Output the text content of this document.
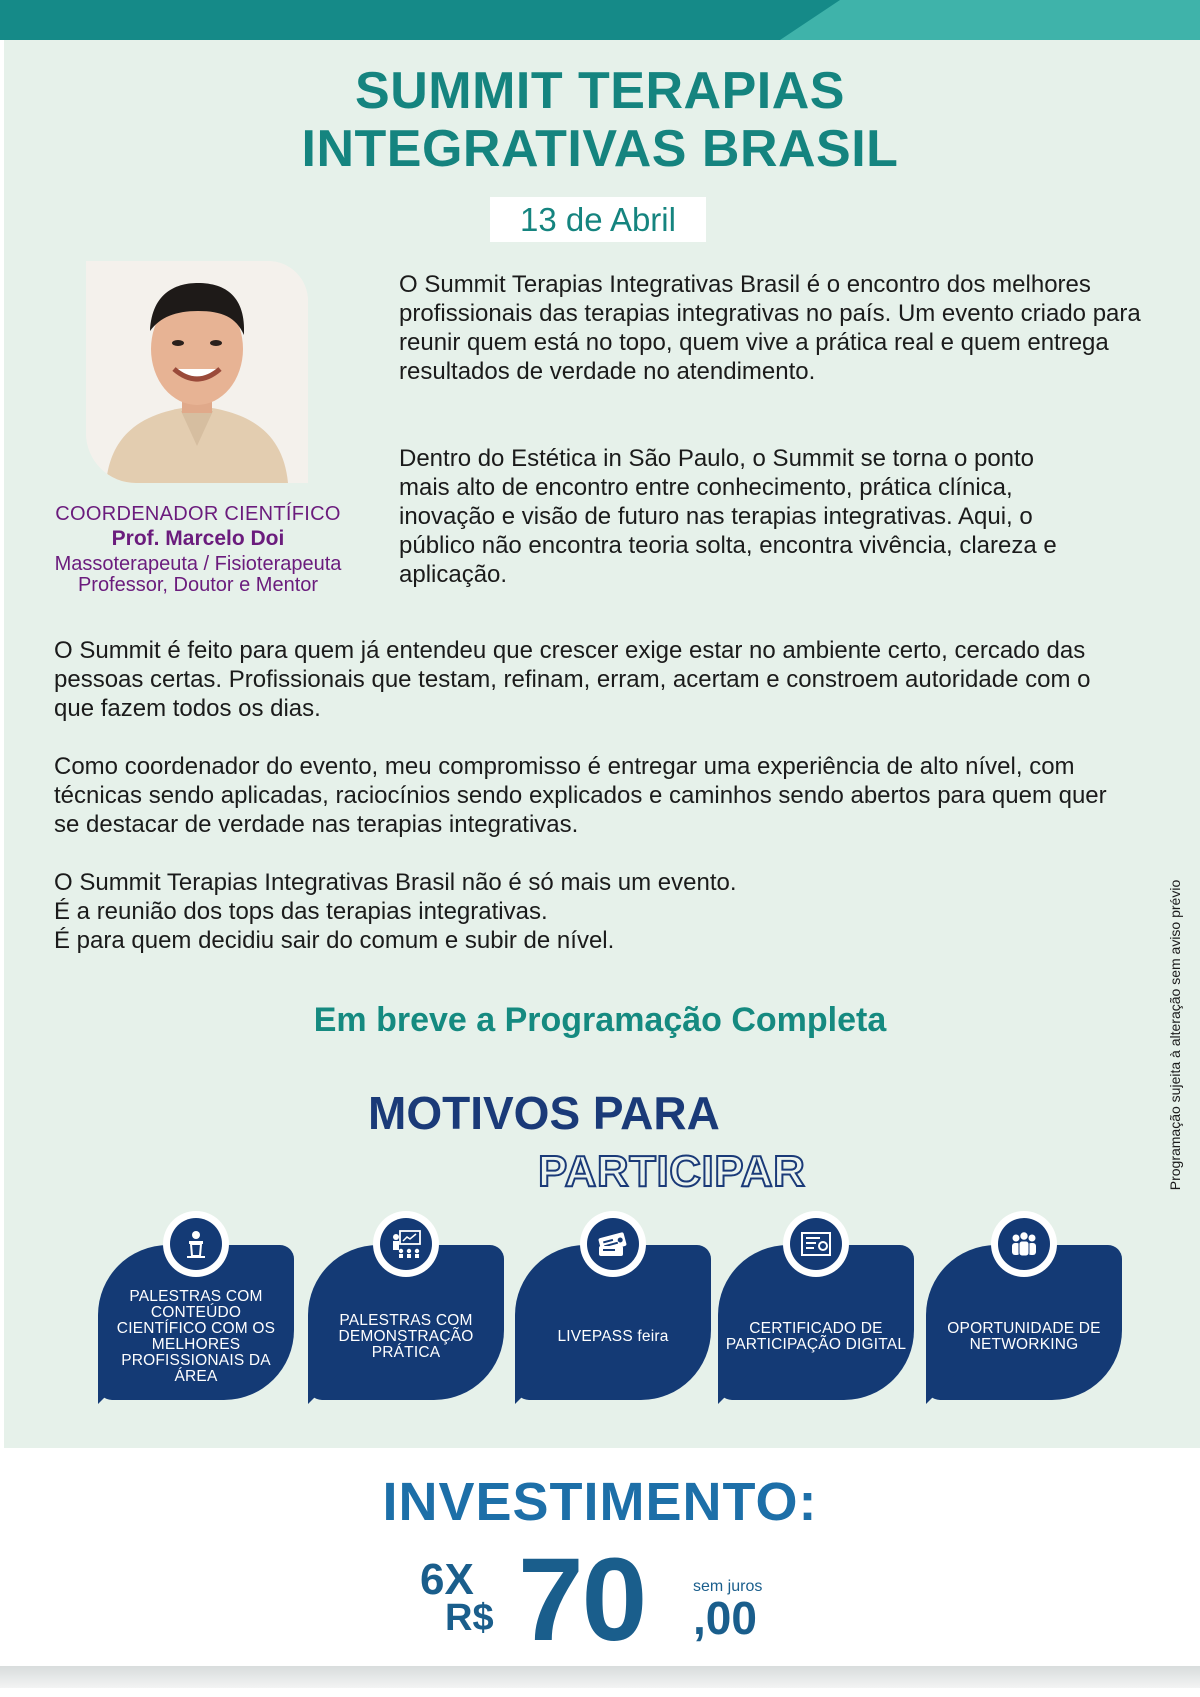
SUMMIT TERAPIAS
INTEGRATIVAS BRASIL
13 de Abril
COORDENADOR CIENTÍFICO
Prof. Marcelo Doi
Massoterapeuta / Fisioterapeuta
Professor, Doutor e Mentor
O Summit Terapias Integrativas Brasil é o encontro dos melhores profissionais das terapias integrativas no país. Um evento criado para reunir quem está no topo, quem vive a prática real e quem entrega resultados de verdade no atendimento.
Dentro do Estética in São Paulo, o Summit se torna o ponto mais alto de encontro entre conhecimento, prática clínica, inovação e visão de futuro nas terapias integrativas. Aqui, o público não encontra teoria solta, encontra vivência, clareza e aplicação.
O Summit é feito para quem já entendeu que crescer exige estar no ambiente certo, cercado das pessoas certas. Profissionais que testam, refinam, erram, acertam e constroem autoridade com o que fazem todos os dias.
Como coordenador do evento, meu compromisso é entregar uma experiência de alto nível, com técnicas sendo aplicadas, raciocínios sendo explicados e caminhos sendo abertos para quem quer se destacar de verdade nas terapias integrativas.
O Summit Terapias Integrativas Brasil não é só mais um evento.
É a reunião dos tops das terapias integrativas.
É para quem decidiu sair do comum e subir de nível.	Programação sujeita à alteração sem aviso prévio
Em breve a Programação Completa
MOTIVOS PARA
PARTICIPAR
PALESTRAS COM CONTEÚDO CIENTÍFICO COM OS MELHORES PROFISSIONAIS DA ÁREA
PALESTRAS COM DEMONSTRAÇÃO PRÁTICA
LIVEPASS feira	CERTIFICADO DE PARTICIPAÇÃO DIGITAL
OPORTUNIDADE DE NETWORKING
INVESTIMENTO:
6X
R$ 70	sem juros
,00
